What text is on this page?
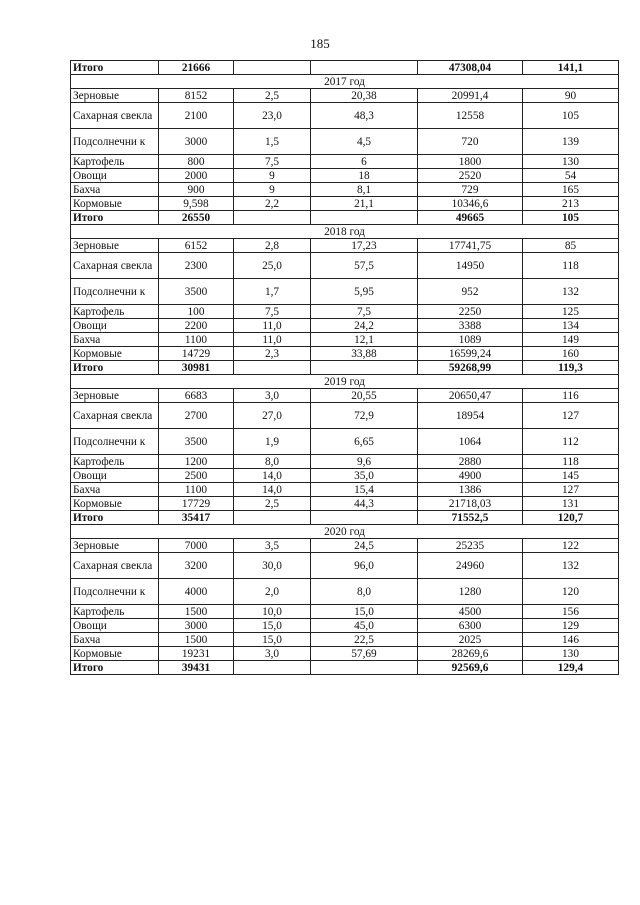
185
Итого	21666			47308,04	141,1
2017 год					
Зерновые	8152	2,5	20,38	20991,4	90
Сахарная свекла	2100	23,0	48,3	12558	105
Подсолнечни к	3000	1,5	4,5	720	139
Картофель	800	7,5	6	1800	130
Овощи	2000	9	18	2520	54
Бахча	900	9	8,1	729	165
Кормовые	9,598	2,2	21,1	10346,6	213
Итого	26550			49665	105
2018 год					
Зерновые	6152	2,8	17,23	17741,75	85
Сахарная свекла	2300	25,0	57,5	14950	118
Подсолнечни к	3500	1,7	5,95	952	132
Картофель	100	7,5	7,5	2250	125
Овощи	2200	11,0	24,2	3388	134
Бахча	1100	11,0	12,1	1089	149
Кормовые	14729	2,3	33,88	16599,24	160
Итого	30981			59268,99	119,3
2019 год					
Зерновые	6683	3,0	20,55	20650,47	116
Сахарная свекла	2700	27,0	72,9	18954	127
Подсолнечни к	3500	1,9	6,65	1064	112
Картофель	1200	8,0	9,6	2880	118
Овощи	2500	14,0	35,0	4900	145
Бахча	1100	14,0	15,4	1386	127
Кормовые	17729	2,5	44,3	21718,03	131
Итого	35417			71552,5	120,7
2020 год					
Зерновые	7000	3,5	24,5	25235	122
Сахарная свекла	3200	30,0	96,0	24960	132
Подсолнечни к	4000	2,0	8,0	1280	120
Картофель	1500	10,0	15,0	4500	156
Овощи	3000	15,0	45,0	6300	129
Бахча	1500	15,0	22,5	2025	146
Кормовые	19231	3,0	57,69	28269,6	130
Итого	39431			92569,6	129,4
